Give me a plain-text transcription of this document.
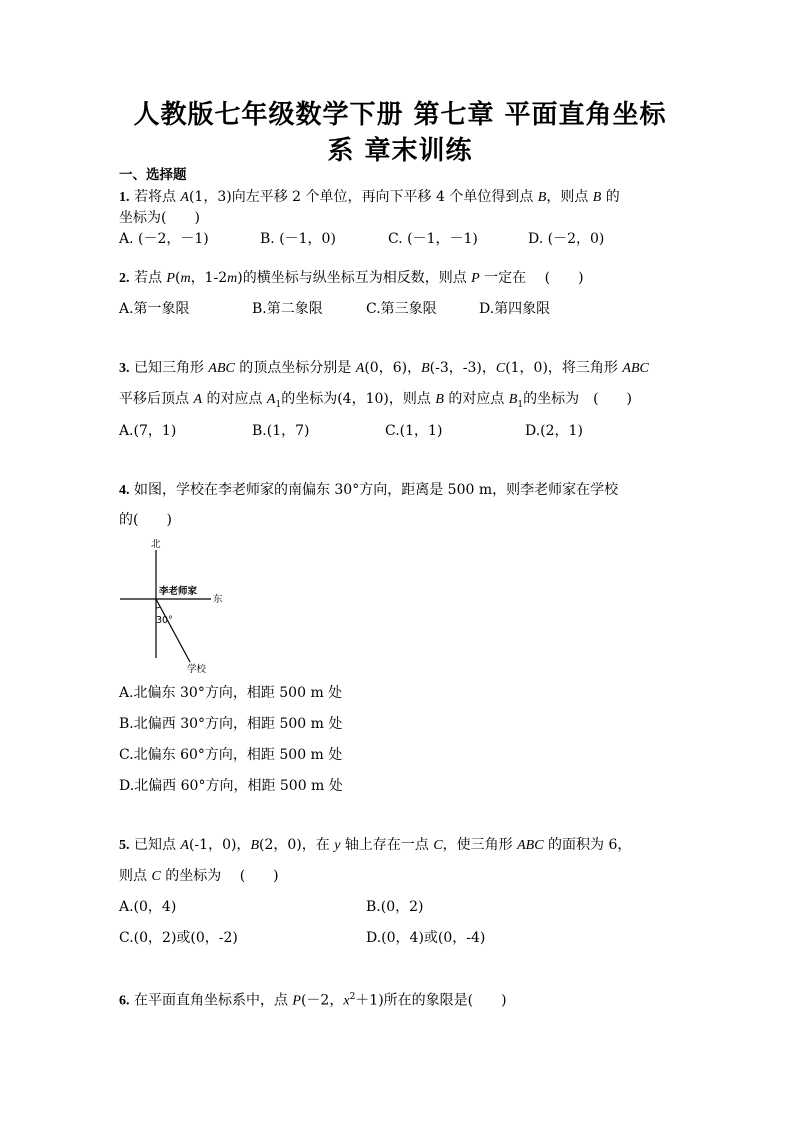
人教版七年级数学下册 第七章 平面直角坐标
系 章末训练
一、选择题
1. 若将点 A(1，3)向左平移 2 个单位，再向下平移 4 个单位得到点 B，则点 B 的
坐标为(　　)
A. (－2，－1)	B. (－1，0)	C. (－1，－1)	D. (－2，0)
2. 若点 P(m，1-2m)的横坐标与纵坐标互为相反数，则点 P 一定在　 (　　)
A.第一象限	B.第二象限	C.第三象限	D.第四象限
3. 已知三角形 ABC 的顶点坐标分别是 A(0，6)，B(-3，-3)，C(1，0)，将三角形 ABC
平移后顶点 A 的对应点 $A_1$的坐标为(4，10)，则点 B 的对应点 $B_1$的坐标为　(　　)
A.(7，1)	B.(1，7)	C.(1，1)	D.(2，1)
4. 如图，学校在李老师家的南偏东 30°方向，距离是 500 m，则李老师家在学校
的(　　)
北
东
李老师家
30°
学校
A.北偏东 30°方向，相距 500 m 处
B.北偏西 30°方向，相距 500 m 处
C.北偏东 60°方向，相距 500 m 处
D.北偏西 60°方向，相距 500 m 处
5. 已知点 A(-1，0)，B(2，0)，在 y 轴上存在一点 C，使三角形 ABC 的面积为 6，
则点 C 的坐标为　 (　　)
A.(0，4)	B.(0，2)
C.(0，2)或(0，-2)	D.(0，4)或(0，-4)
6. 在平面直角坐标系中，点 P(－2，$x^2+1$)所在的象限是(　　)
